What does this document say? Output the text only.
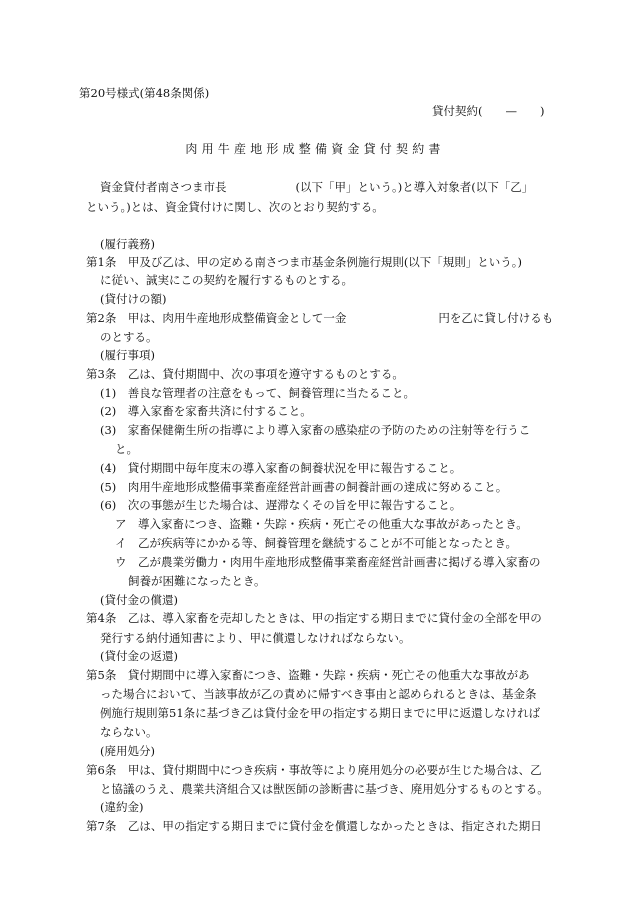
第20号様式(第48条関係)
貸付契約(　　—　　)
肉用牛産地形成整備資金貸付契約書
資金貸付者南さつま市長　　　　　　(以下「甲」という。)と導入対象者(以下「乙」
という。)とは、資金貸付けに関し、次のとおり契約する。
(履行義務)
第1条　甲及び乙は、甲の定める南さつま市基金条例施行規則(以下「規則」という。)
に従い、誠実にこの契約を履行するものとする。
(貸付けの額)
第2条　甲は、肉用牛産地形成整備資金として一金　　　　　　　　円を乙に貸し付けるも
のとする。
(履行事項)
第3条　乙は、貸付期間中、次の事項を遵守するものとする。
(1)　善良な管理者の注意をもって、飼養管理に当たること。
(2)　導入家畜を家畜共済に付すること。
(3)　家畜保健衛生所の指導により導入家畜の感染症の予防のための注射等を行うこ
と。
(4)　貸付期間中毎年度末の導入家畜の飼養状況を甲に報告すること。
(5)　肉用牛産地形成整備事業畜産経営計画書の飼養計画の達成に努めること。
(6)　次の事態が生じた場合は、遅滞なくその旨を甲に報告すること。
ア　導入家畜につき、盗難・失踪・疾病・死亡その他重大な事故があったとき。
イ　乙が疾病等にかかる等、飼養管理を継続することが不可能となったとき。
ウ　乙が農業労働力・肉用牛産地形成整備事業畜産経営計画書に掲げる導入家畜の
飼養が困難になったとき。
(貸付金の償還)
第4条　乙は、導入家畜を売却したときは、甲の指定する期日までに貸付金の全部を甲の
発行する納付通知書により、甲に償還しなければならない。
(貸付金の返還)
第5条　貸付期間中に導入家畜につき、盗難・失踪・疾病・死亡その他重大な事故があ
った場合において、当該事故が乙の責めに帰すべき事由と認められるときは、基金条
例施行規則第51条に基づき乙は貸付金を甲の指定する期日までに甲に返還しなければ
ならない。
(廃用処分)
第6条　甲は、貸付期間中につき疾病・事故等により廃用処分の必要が生じた場合は、乙
と協議のうえ、農業共済組合又は獣医師の診断書に基づき、廃用処分するものとする。
(違約金)
第7条　乙は、甲の指定する期日までに貸付金を償還しなかったときは、指定された期日
